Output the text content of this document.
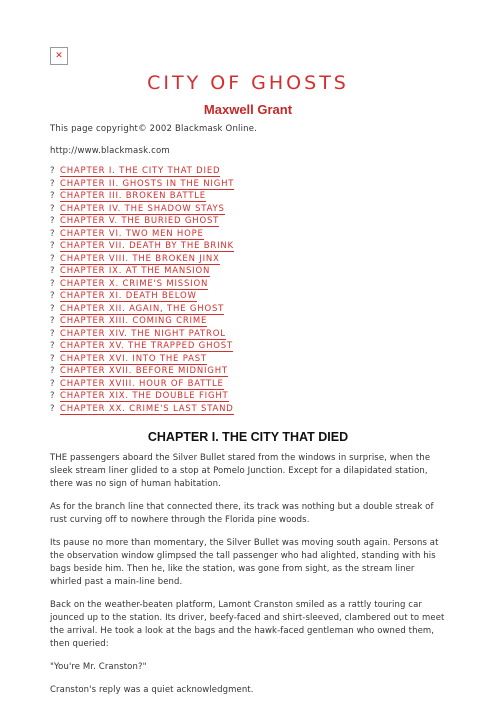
✕
CITY OF GHOSTS
Maxwell Grant
This page copyright© 2002 Blackmask Online.
http://www.blackmask.com
? CHAPTER I. THE CITY THAT DIED
? CHAPTER II. GHOSTS IN THE NIGHT
? CHAPTER III. BROKEN BATTLE
? CHAPTER IV. THE SHADOW STAYS
? CHAPTER V. THE BURIED GHOST
? CHAPTER VI. TWO MEN HOPE
? CHAPTER VII. DEATH BY THE BRINK
? CHAPTER VIII. THE BROKEN JINX
? CHAPTER IX. AT THE MANSION
? CHAPTER X. CRIME'S MISSION
? CHAPTER XI. DEATH BELOW
? CHAPTER XII. AGAIN, THE GHOST
? CHAPTER XIII. COMING CRIME
? CHAPTER XIV. THE NIGHT PATROL
? CHAPTER XV. THE TRAPPED GHOST
? CHAPTER XVI. INTO THE PAST
? CHAPTER XVII. BEFORE MIDNIGHT
? CHAPTER XVIII. HOUR OF BATTLE
? CHAPTER XIX. THE DOUBLE FIGHT
? CHAPTER XX. CRIME'S LAST STAND
CHAPTER I. THE CITY THAT DIED

THE passengers aboard the Silver Bullet stared from the windows in surprise, when the sleek stream liner glided to a stop at Pomelo Junction. Except for a dilapidated station, there was no sign of human habitation.

As for the branch line that connected there, its track was nothing but a double streak of rust curving off to nowhere through the Florida pine woods.

Its pause no more than momentary, the Silver Bullet was moving south again. Persons at the observation window glimpsed the tall passenger who had alighted, standing with his bags beside him. Then he, like the station, was gone from sight, as the stream liner whirled past a main-line bend.

Back on the weather-beaten platform, Lamont Cranston smiled as a rattly touring car jounced up to the station. Its driver, beefy-faced and shirt-sleeved, clambered out to meet the arrival. He took a look at the bags and the hawk-faced gentleman who owned them, then queried:

"You're Mr. Cranston?"

Cranston's reply was a quiet acknowledgment.
